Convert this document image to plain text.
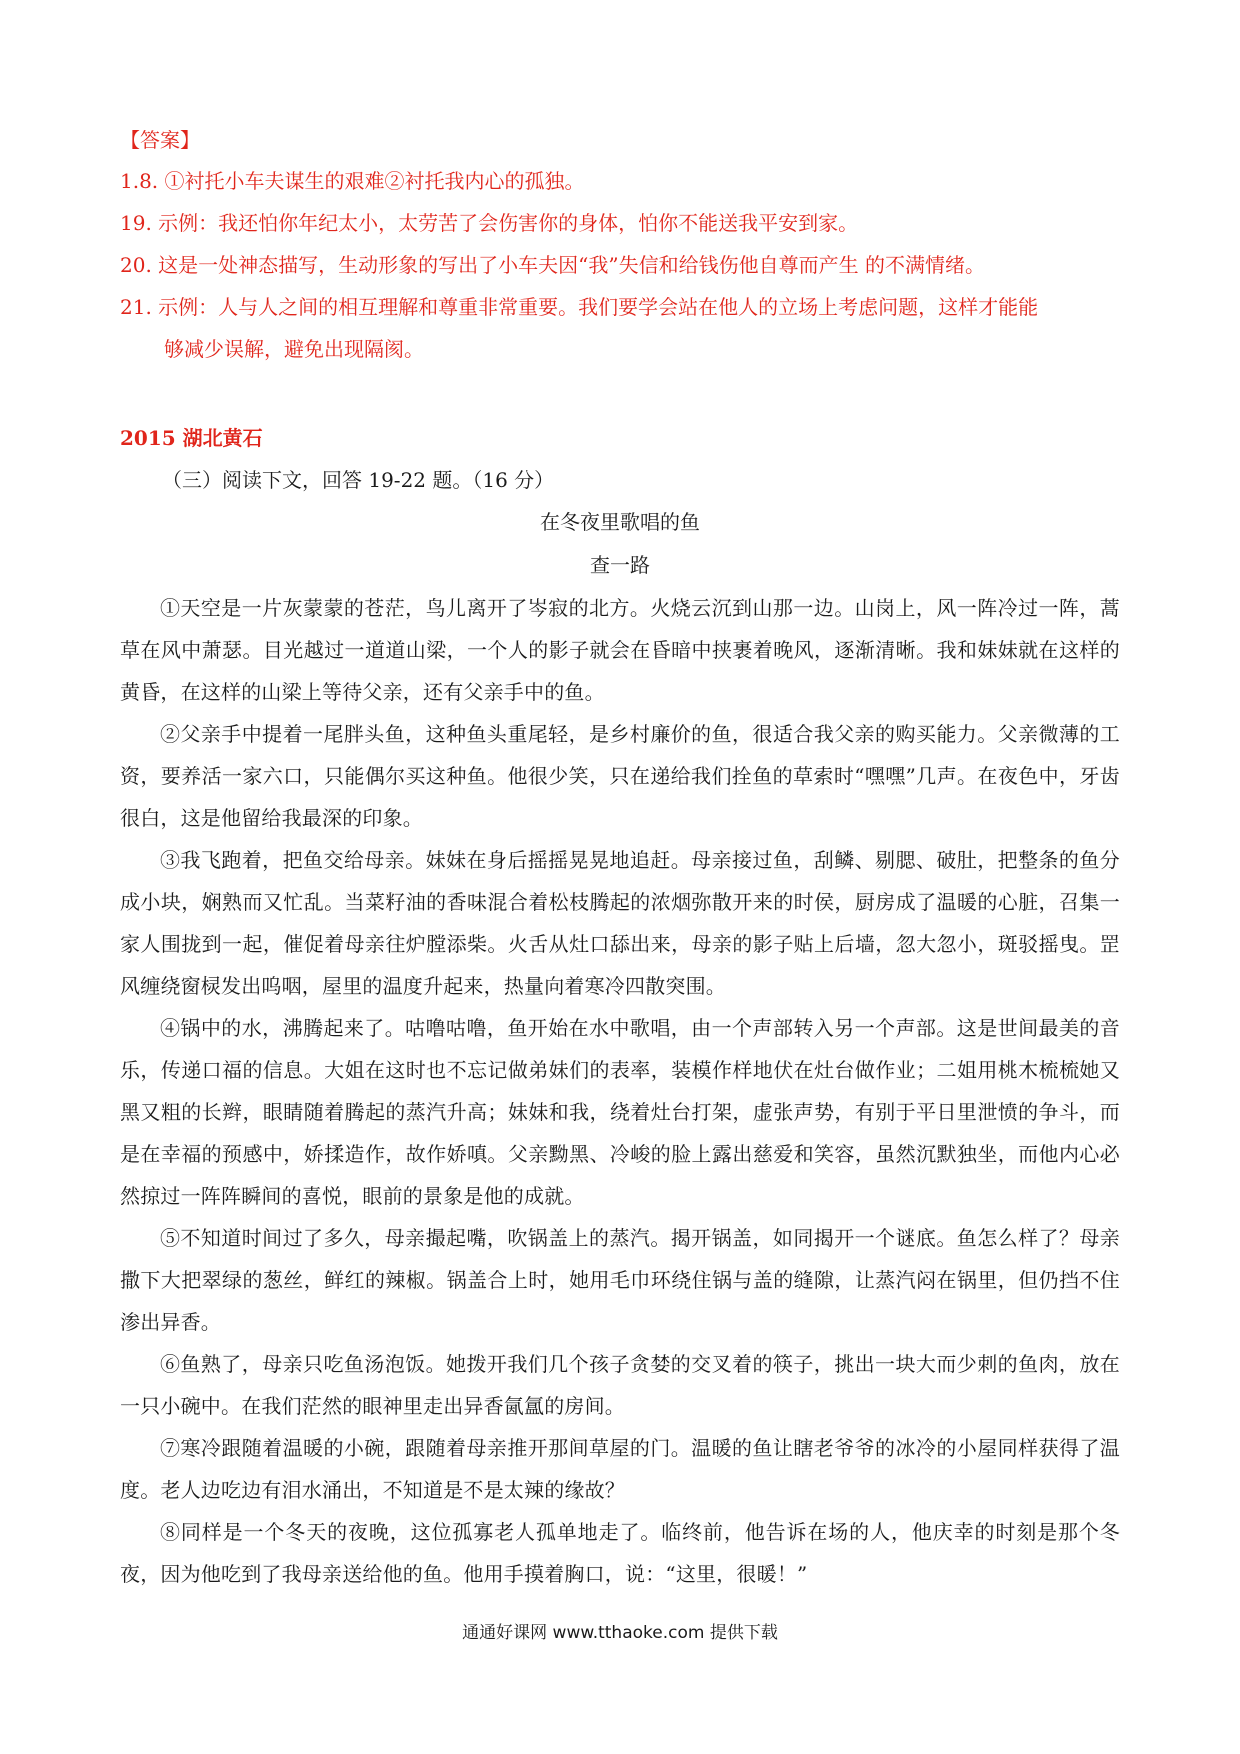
【答案】
1.8. ①衬托小车夫谋生的艰难②衬托我内心的孤独。
19. 示例：我还怕你年纪太小，太劳苦了会伤害你的身体，怕你不能送我平安到家。
20. 这是一处神态描写，生动形象的写出了小车夫因“我”失信和给钱伤他自尊而产生 的不满情绪。
21. 示例：人与人之间的相互理解和尊重非常重要。我们要学会站在他人的立场上考虑问题，这样才能能
够减少误解，避免出现隔阂。
2015 湖北黄石
（三）阅读下文，回答 19-22 题。（16 分）
在冬夜里歌唱的鱼
查一路

①天空是一片灰蒙蒙的苍茫，鸟儿离开了岑寂的北方。火烧云沉到山那一边。山岗上，风一阵冷过一阵，蒿草在风中萧瑟。目光越过一道道山梁，一个人的影子就会在昏暗中挟裹着晚风，逐渐清晰。我和妹妹就在这样的黄昏，在这样的山梁上等待父亲，还有父亲手中的鱼。

②父亲手中提着一尾胖头鱼，这种鱼头重尾轻，是乡村廉价的鱼，很适合我父亲的购买能力。父亲微薄的工资，要养活一家六口，只能偶尔买这种鱼。他很少笑，只在递给我们拴鱼的草索时“嘿嘿”几声。在夜色中，牙齿很白，这是他留给我最深的印象。

③我飞跑着，把鱼交给母亲。妹妹在身后摇摇晃晃地追赶。母亲接过鱼，刮鳞、剔腮、破肚，把整条的鱼分成小块，娴熟而又忙乱。当菜籽油的香味混合着松枝腾起的浓烟弥散开来的时侯，厨房成了温暖的心脏，召集一家人围拢到一起，催促着母亲往炉膛添柴。火舌从灶口舔出来，母亲的影子贴上后墙，忽大忽小，斑驳摇曳。罡风缠绕窗棂发出呜咽，屋里的温度升起来，热量向着寒冷四散突围。

④锅中的水，沸腾起来了。咕噜咕噜，鱼开始在水中歌唱，由一个声部转入另一个声部。这是世间最美的音乐，传递口福的信息。大姐在这时也不忘记做弟妹们的表率，装模作样地伏在灶台做作业；二姐用桃木梳梳她又黑又粗的长辫，眼睛随着腾起的蒸汽升高；妹妹和我，绕着灶台打架，虚张声势，有别于平日里泄愤的争斗，而是在幸福的预感中，娇揉造作，故作娇嗔。父亲黝黑、冷峻的脸上露出慈爱和笑容，虽然沉默独坐，而他内心必然掠过一阵阵瞬间的喜悦，眼前的景象是他的成就。

⑤不知道时间过了多久，母亲撮起嘴，吹锅盖上的蒸汽。揭开锅盖，如同揭开一个谜底。鱼怎么样了？母亲撒下大把翠绿的葱丝，鲜红的辣椒。锅盖合上时，她用毛巾环绕住锅与盖的缝隙，让蒸汽闷在锅里，但仍挡不住渗出异香。

⑥鱼熟了，母亲只吃鱼汤泡饭。她拨开我们几个孩子贪婪的交叉着的筷子，挑出一块大而少刺的鱼肉，放在一只小碗中。在我们茫然的眼神里走出异香氤氲的房间。

⑦寒冷跟随着温暖的小碗，跟随着母亲推开那间草屋的门。温暖的鱼让瞎老爷爷的冰冷的小屋同样获得了温度。老人边吃边有泪水涌出，不知道是不是太辣的缘故？

⑧同样是一个冬天的夜晚，这位孤寡老人孤单地走了。临终前，他告诉在场的人，他庆幸的时刻是那个冬夜，因为他吃到了我母亲送给他的鱼。他用手摸着胸口，说：“这里，很暖！”

通通好课网 www.tthaoke.com 提供下载
